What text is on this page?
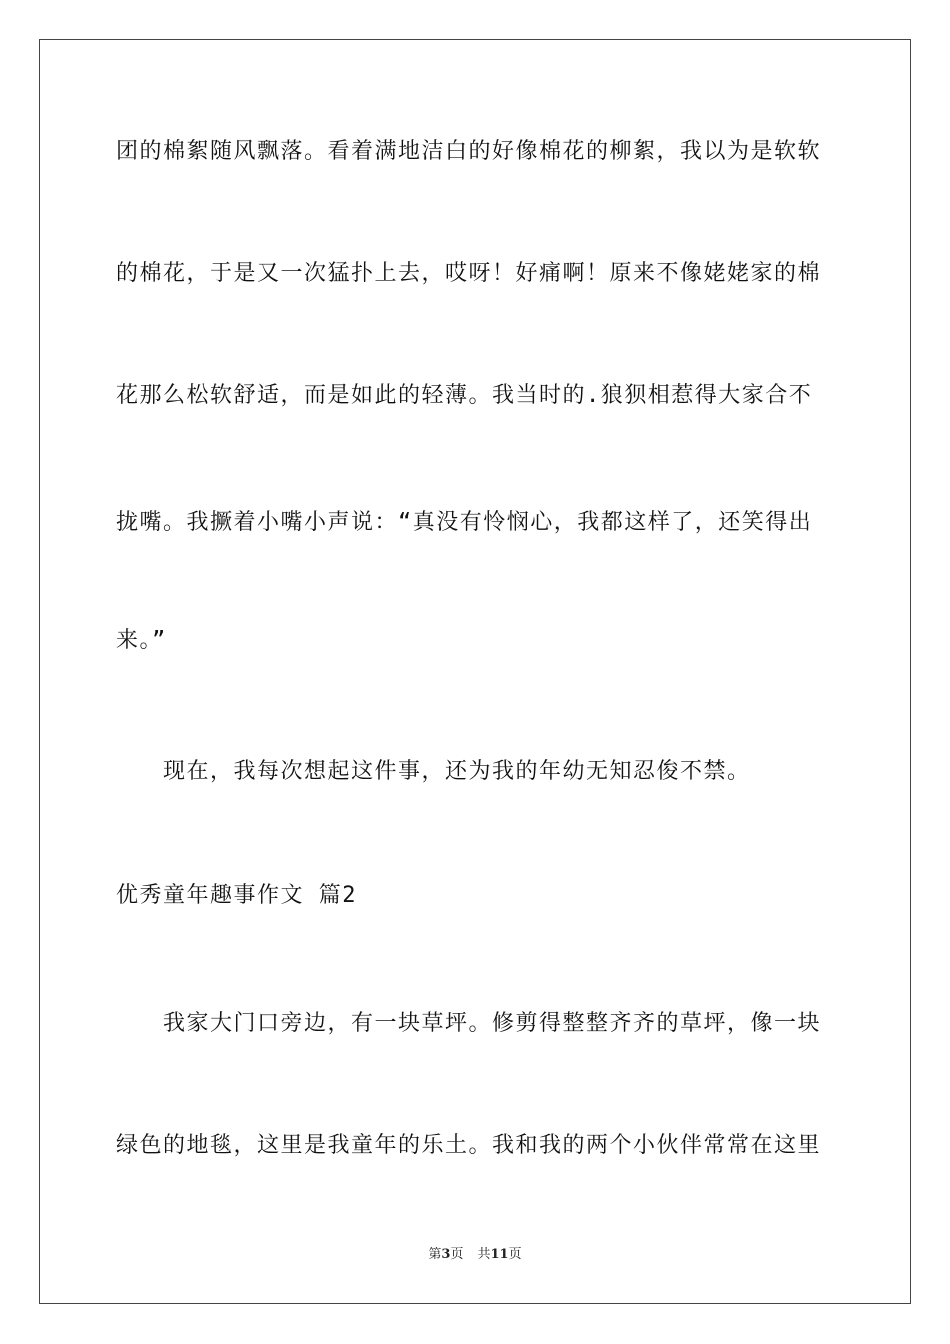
团的棉絮随风飘落。看着满地洁白的好像棉花的柳絮，我以为是软软
的棉花，于是又一次猛扑上去，哎呀！好痛啊！原来不像姥姥家的棉
花那么松软舒适，而是如此的轻薄。我当时的.狼狈相惹得大家合不
拢嘴。我撅着小嘴小声说：“真没有怜悯心，我都这样了，还笑得出
来。”
现在，我每次想起这件事，还为我的年幼无知忍俊不禁。
优秀童年趣事作文 篇2
我家大门口旁边，有一块草坪。修剪得整整齐齐的草坪，像一块
绿色的地毯，这里是我童年的乐土。我和我的两个小伙伴常常在这里
第3页 共11页
